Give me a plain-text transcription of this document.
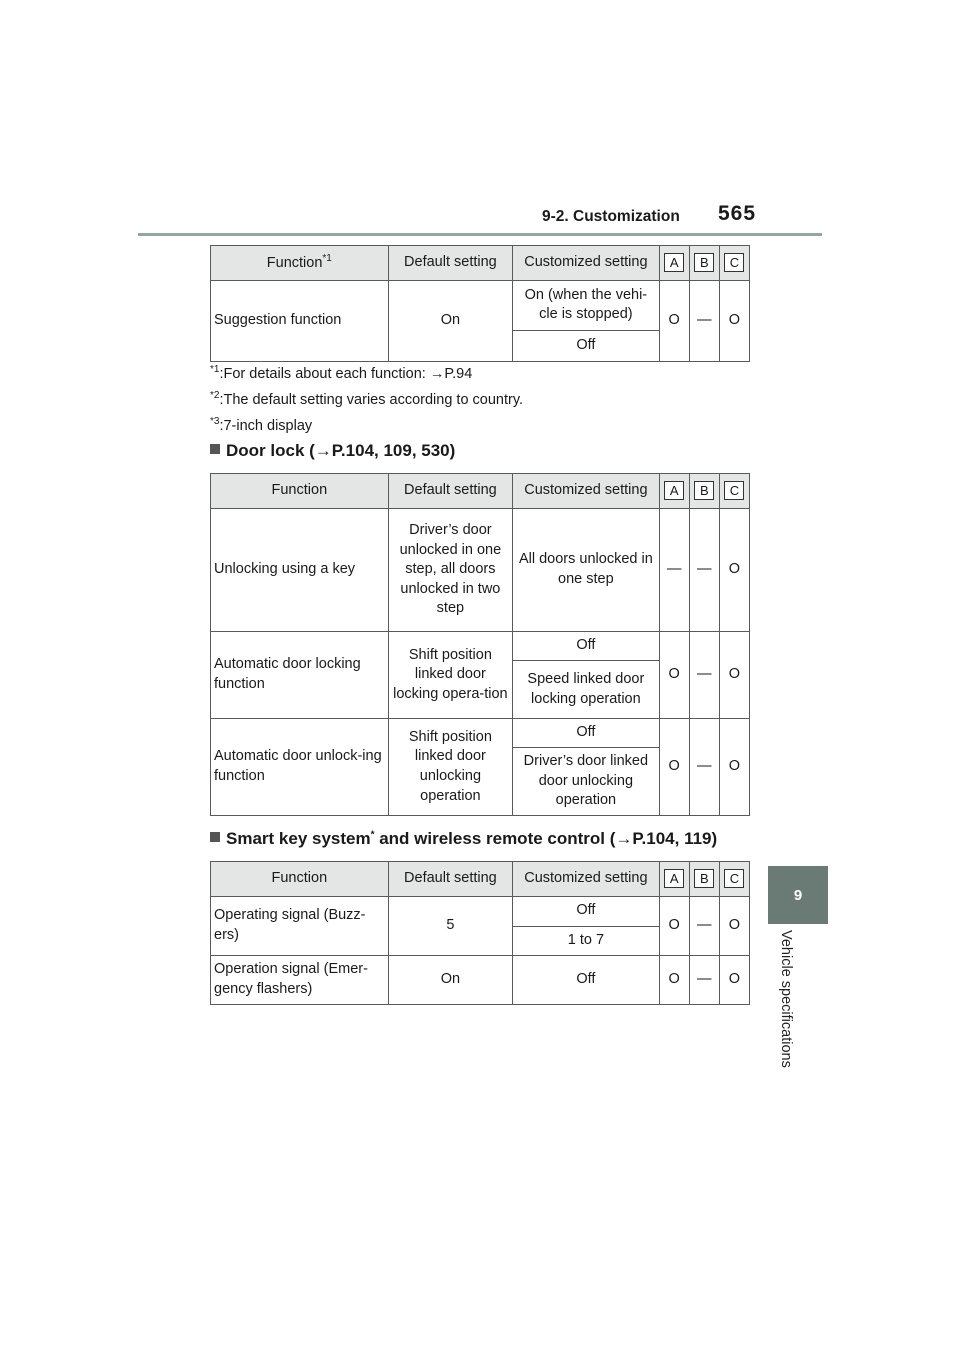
9-2. Customization 565
9
Vehicle specifications
Function$^{*1}$	Default setting	Customized setting	A	B	C
Suggestion function	On	On (when the vehi-cle is stopped)	O	—	O
		Off			
$^{*1}$:For details about each function: →P.94
$^{*2}$:The default setting varies according to country.
$^{*3}$:7-inch display
Door lock (→P.104, 109, 530)
Function	Default setting	Customized setting	A	B	C
Unlocking using a key	Driver’s door unlocked in one step, all doors unlocked in two step	All doors unlocked in one step	—	—	O
Automatic door locking function	Shift position linked door locking opera-tion	Off	O	—	O
		Speed linked door locking operation			
Automatic door unlock-ing function	Shift position linked door unlocking operation	Off	O	—	O
		Driver’s door linked door unlocking operation			
Smart key system* and wireless remote control (→P.104, 119)
Function	Default setting	Customized setting	A	B	C
Operating signal (Buzz-ers)	5	Off	O	—	O
		1 to 7			
Operation signal (Emer-gency flashers)	On	Off	O	—	O
